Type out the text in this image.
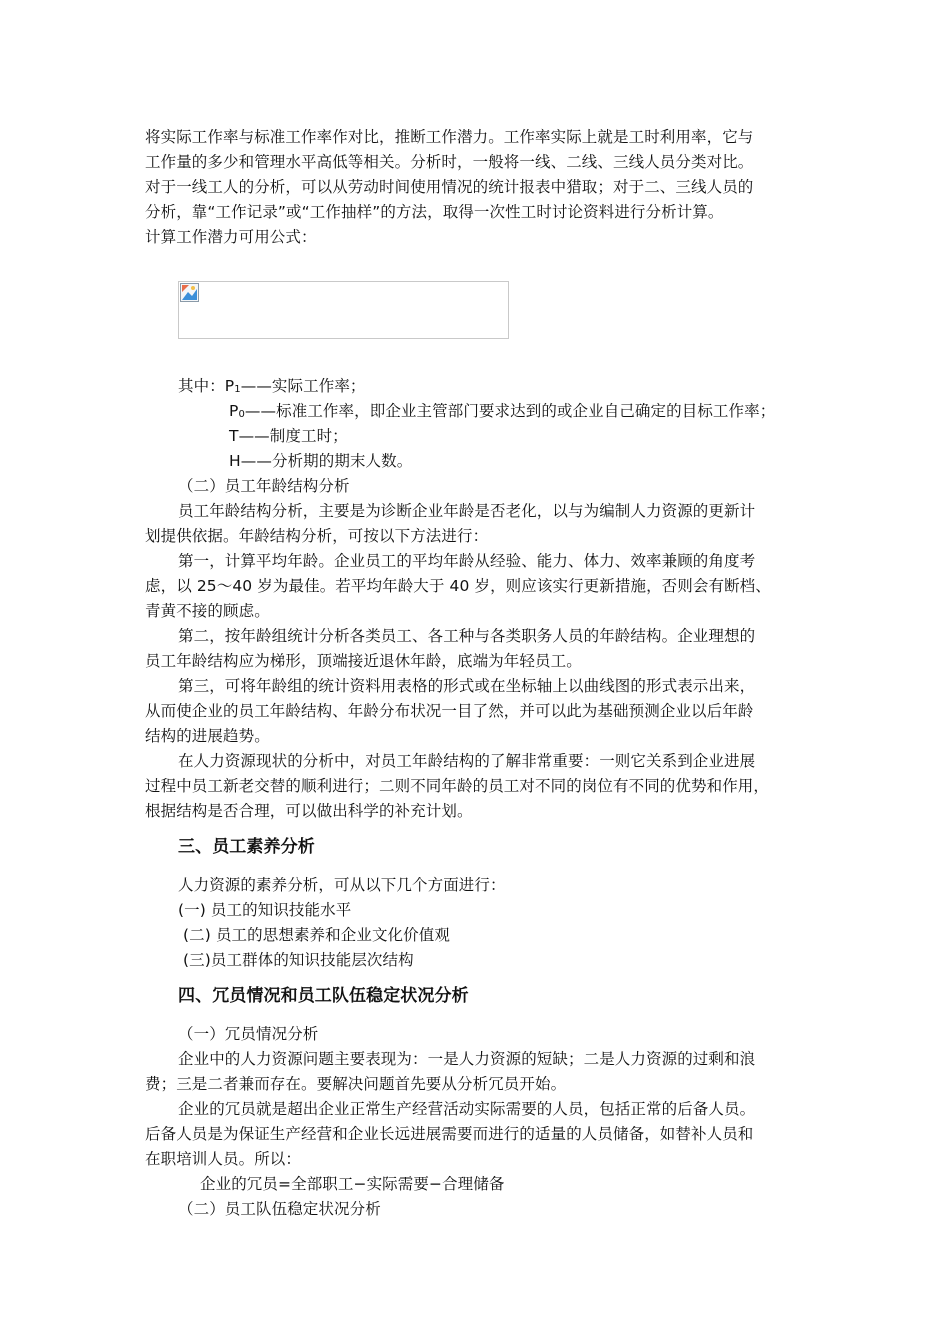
将实际工作率与标准工作率作对比，推断工作潜力。工作率实际上就是工时利用率，它与
工作量的多少和管理水平高低等相关。分析时，一般将一线、二线、三线人员分类对比。
对于一线工人的分析，可以从劳动时间使用情况的统计报表中猎取；对于二、三线人员的
分析，靠“工作记录”或“工作抽样”的方法，取得一次性工时讨论资料进行分析计算。
计算工作潜力可用公式：
其中：$P_1——$实际工作率；
$P_0——$标准工作率，即企业主管部门要求达到的或企业自己确定的目标工作率；
T——制度工时；
H——分析期的期末人数。
（二）员工年龄结构分析
员工年龄结构分析，主要是为诊断企业年龄是否老化，以与为编制人力资源的更新计
划提供依据。年龄结构分析，可按以下方法进行：
第一，计算平均年龄。企业员工的平均年龄从经验、能力、体力、效率兼顾的角度考
虑，以 25～40 岁为最佳。若平均年龄大于 40 岁，则应该实行更新措施，否则会有断档、
青黄不接的顾虑。
第二，按年龄组统计分析各类员工、各工种与各类职务人员的年龄结构。企业理想的
员工年龄结构应为梯形，顶端接近退休年龄，底端为年轻员工。
第三，可将年龄组的统计资料用表格的形式或在坐标轴上以曲线图的形式表示出来，
从而使企业的员工年龄结构、年龄分布状况一目了然，并可以此为基础预测企业以后年龄
结构的进展趋势。
在人力资源现状的分析中，对员工年龄结构的了解非常重要：一则它关系到企业进展
过程中员工新老交替的顺利进行；二则不同年龄的员工对不同的岗位有不同的优势和作用，
根据结构是否合理，可以做出科学的补充计划。
三、员工素养分析
人力资源的素养分析，可从以下几个方面进行：
(一) 员工的知识技能水平
(二) 员工的思想素养和企业文化价值观
(三)员工群体的知识技能层次结构
四、冗员情况和员工队伍稳定状况分析
（一）冗员情况分析
企业中的人力资源问题主要表现为：一是人力资源的短缺；二是人力资源的过剩和浪
费；三是二者兼而存在。要解决问题首先要从分析冗员开始。
企业的冗员就是超出企业正常生产经营活动实际需要的人员，包括正常的后备人员。
后备人员是为保证生产经营和企业长远进展需要而进行的适量的人员储备，如替补人员和
在职培训人员。所以：
企业的冗员=全部职工−实际需要−合理储备
（二）员工队伍稳定状况分析
